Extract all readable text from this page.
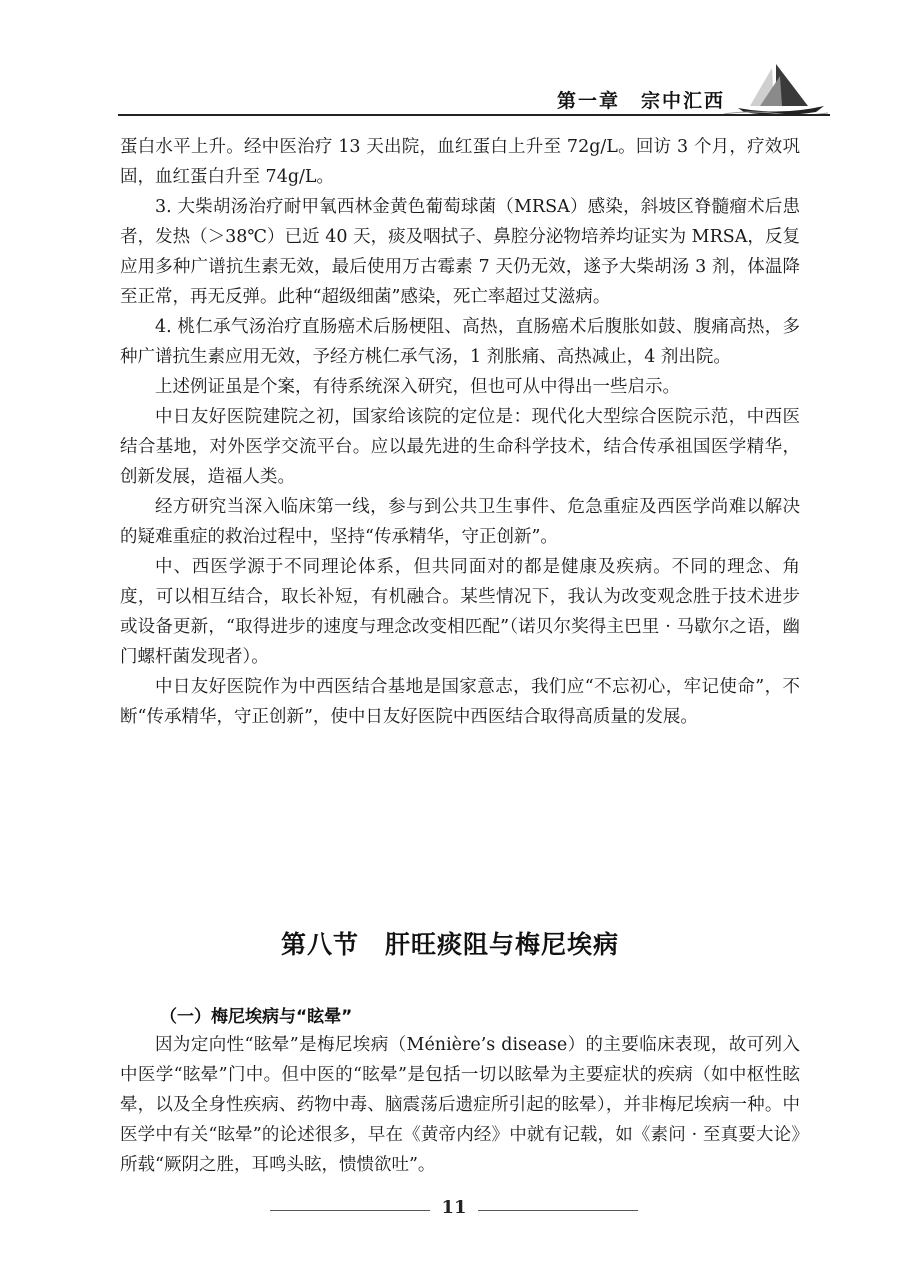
第一章　宗中汇西

蛋白水平上升。经中医治疗 13 天出院，血红蛋白上升至 72g/L。回访 3 个月，疗效巩固，血红蛋白升至 74g/L。

3. 大柴胡汤治疗耐甲氧西林金黄色葡萄球菌（MRSA）感染，斜坡区脊髓瘤术后患者，发热（＞38℃）已近 40 天，痰及咽拭子、鼻腔分泌物培养均证实为 MRSA，反复应用多种广谱抗生素无效，最后使用万古霉素 7 天仍无效，遂予大柴胡汤 3 剂，体温降至正常，再无反弹。此种“超级细菌”感染，死亡率超过艾滋病。

4. 桃仁承气汤治疗直肠癌术后肠梗阻、高热，直肠癌术后腹胀如鼓、腹痛高热，多种广谱抗生素应用无效，予经方桃仁承气汤，1 剂胀痛、高热减止，4 剂出院。

上述例证虽是个案，有待系统深入研究，但也可从中得出一些启示。

中日友好医院建院之初，国家给该院的定位是：现代化大型综合医院示范，中西医结合基地，对外医学交流平台。应以最先进的生命科学技术，结合传承祖国医学精华，创新发展，造福人类。

经方研究当深入临床第一线，参与到公共卫生事件、危急重症及西医学尚难以解决的疑难重症的救治过程中，坚持“传承精华，守正创新”。

中、西医学源于不同理论体系，但共同面对的都是健康及疾病。不同的理念、角度，可以相互结合，取长补短，有机融合。某些情况下，我认为改变观念胜于技术进步或设备更新，“取得进步的速度与理念改变相匹配”（诺贝尔奖得主巴里 · 马歇尔之语，幽门螺杆菌发现者）。

中日友好医院作为中西医结合基地是国家意志，我们应“不忘初心，牢记使命”，不断“传承精华，守正创新”，使中日友好医院中西医结合取得高质量的发展。

第八节　肝旺痰阻与梅尼埃病
（一）梅尼埃病与“眩晕”

因为定向性“眩晕”是梅尼埃病（Ménière’s disease）的主要临床表现，故可列入中医学“眩晕”门中。但中医的“眩晕”是包括一切以眩晕为主要症状的疾病（如中枢性眩晕，以及全身性疾病、药物中毒、脑震荡后遗症所引起的眩晕），并非梅尼埃病一种。中医学中有关“眩晕”的论述很多，早在《黄帝内经》中就有记载，如《素问 · 至真要大论》所载“厥阴之胜，耳鸣头眩，愦愦欲吐”。

11
